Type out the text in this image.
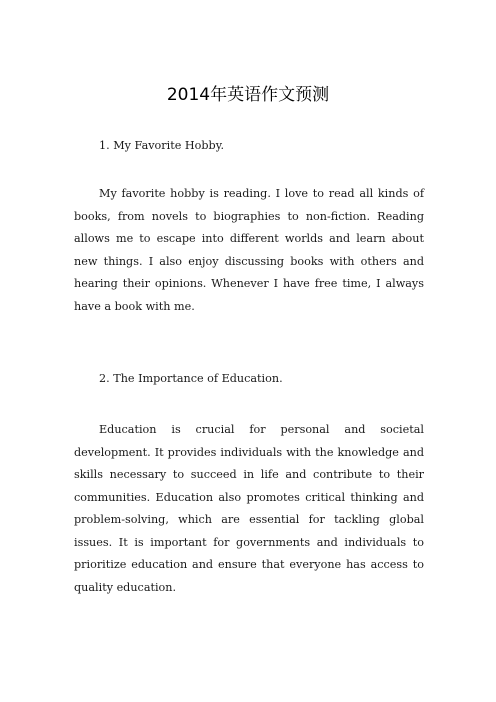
2014年英语作文预测

1. My Favorite Hobby.

My favorite hobby is reading. I love to read all kinds of books, from novels to biographies to non-fiction. Reading allows me to escape into different worlds and learn about new things. I also enjoy discussing books with others and hearing their opinions. Whenever I have free time, I always have a book with me.

2. The Importance of Education.

Education is crucial for personal and societal development. It provides individuals with the knowledge and skills necessary to succeed in life and contribute to their communities. Education also promotes critical thinking and problem-solving, which are essential for tackling global issues. It is important for governments and individuals to prioritize education and ensure that everyone has access to quality education.
